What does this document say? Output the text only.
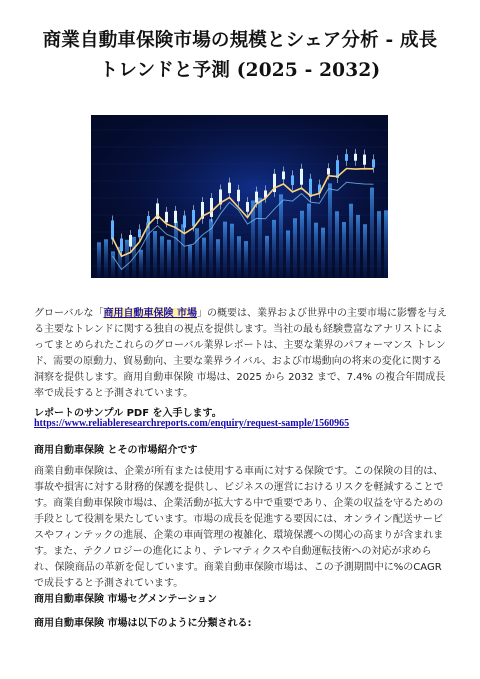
商業自動車保険市場の規模とシェア分析 - 成長
トレンドと予測 (2025 - 2032)
グローバルな「商用自動車保険 市場」の概要は、業界および世界中の主要市場に影響を与える主要なトレンドに関する独自の視点を提供します。当社の最も経験豊富なアナリストによってまとめられたこれらのグローバル業界レポートは、主要な業界のパフォーマンス トレンド、需要の原動力、貿易動向、主要な業界ライバル、および市場動向の将来の変化に関する洞察を提供します。商用自動車保険 市場は、2025 から 2032 まで、7.4% の複合年間成長率で成長すると予測されています。
レポートのサンプル PDF を入手します。
https://www.reliableresearchreports.com/enquiry/request-sample/1560965
商用自動車保険 とその市場紹介です
商業自動車保険は、企業が所有または使用する車両に対する保険です。この保険の目的は、事故や損害に対する財務的保護を提供し、ビジネスの運営におけるリスクを軽減することです。商業自動車保険市場は、企業活動が拡大する中で重要であり、企業の収益を守るための手段として役割を果たしています。市場の成長を促進する要因には、オンライン配送サービスやフィンテックの進展、企業の車両管理の複雑化、環境保護への関心の高まりが含まれます。また、テクノロジーの進化により、テレマティクスや自動運転技術への対応が求められ、保険商品の革新を促しています。商業自動車保険市場は、この予測期間中に%のCAGRで成長すると予測されています。
商用自動車保険 市場セグメンテーション
商用自動車保険 市場は以下のように分類される:
